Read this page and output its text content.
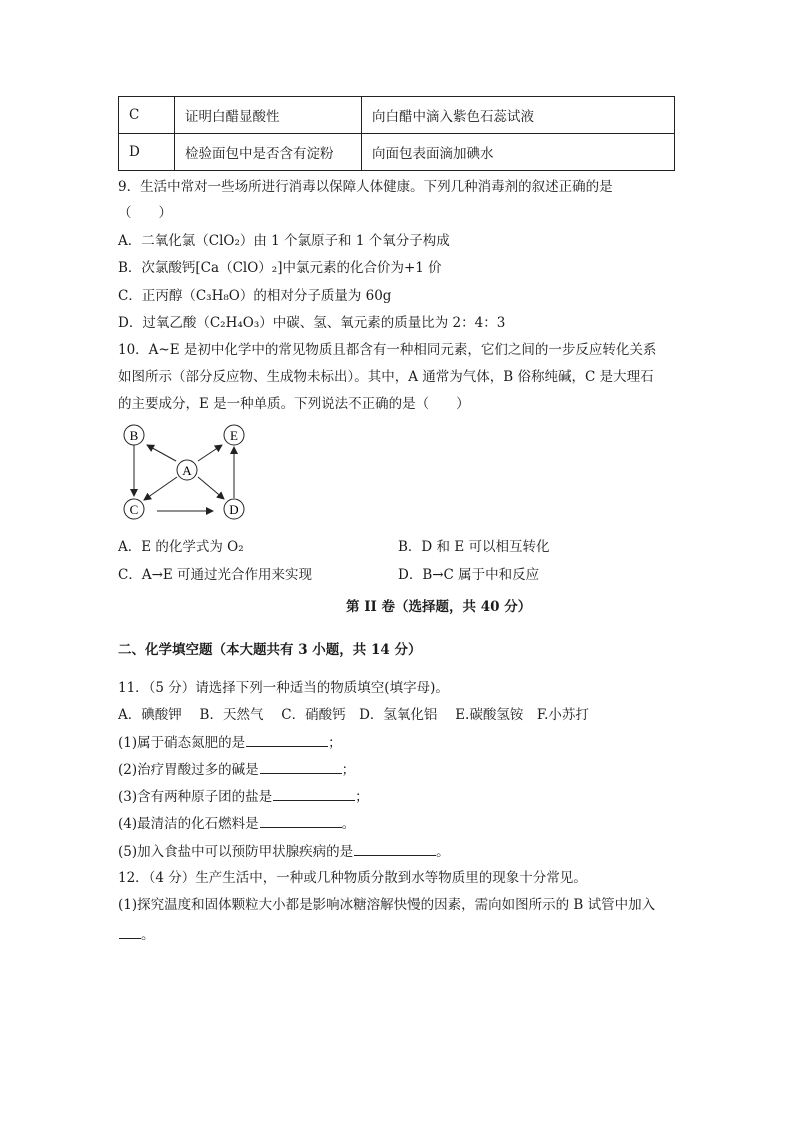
C	证明白醋显酸性	向白醋中滴入紫色石蕊试液
D	检验面包中是否含有淀粉	向面包表面滴加碘水
9．生活中常对一些场所进行消毒以保障人体健康。下列几种消毒剂的叙述正确的是
（　　）
A．二氧化氯（ClO₂）由 1 个氯原子和 1 个氧分子构成
B．次氯酸钙[Ca（ClO）₂]中氯元素的化合价为+1 价
C．正丙醇（C₃H₈O）的相对分子质量为 60g
D．过氧乙酸（C₂H₄O₃）中碳、氢、氧元素的质量比为 2：4：3
10．A~E 是初中化学中的常见物质且都含有一种相同元素，它们之间的一步反应转化关系
如图所示（部分反应物、生成物未标出）。其中，A 通常为气体，B 俗称纯碱，C 是大理石
的主要成分，E 是一种单质。下列说法不正确的是（　　）
B	E
A
C	D
A．E 的化学式为 O₂	B．D 和 E 可以相互转化
C．A→E 可通过光合作用来实现	D．B→C 属于中和反应
第 II 卷（选择题，共 40 分）
二、化学填空题（本大题共有 3 小题，共 14 分）
11．（5 分）请选择下列一种适当的物质填空(填字母)。
A．碘酸钾　 B．天然气　 C．硝酸钙　D．氢氧化铝　 E.碳酸氢铵　F.小苏打
(1)属于硝态氮肥的是	；
(2)治疗胃酸过多的碱是	；
(3)含有两种原子团的盐是	；
(4)最清洁的化石燃料是	。
(5)加入食盐中可以预防甲状腺疾病的是	。
12．（4 分）生产生活中，一种或几种物质分散到水等物质里的现象十分常见。
(1)探究温度和固体颗粒大小都是影响冰糖溶解快慢的因素，需向如图所示的 B 试管中加入
。
